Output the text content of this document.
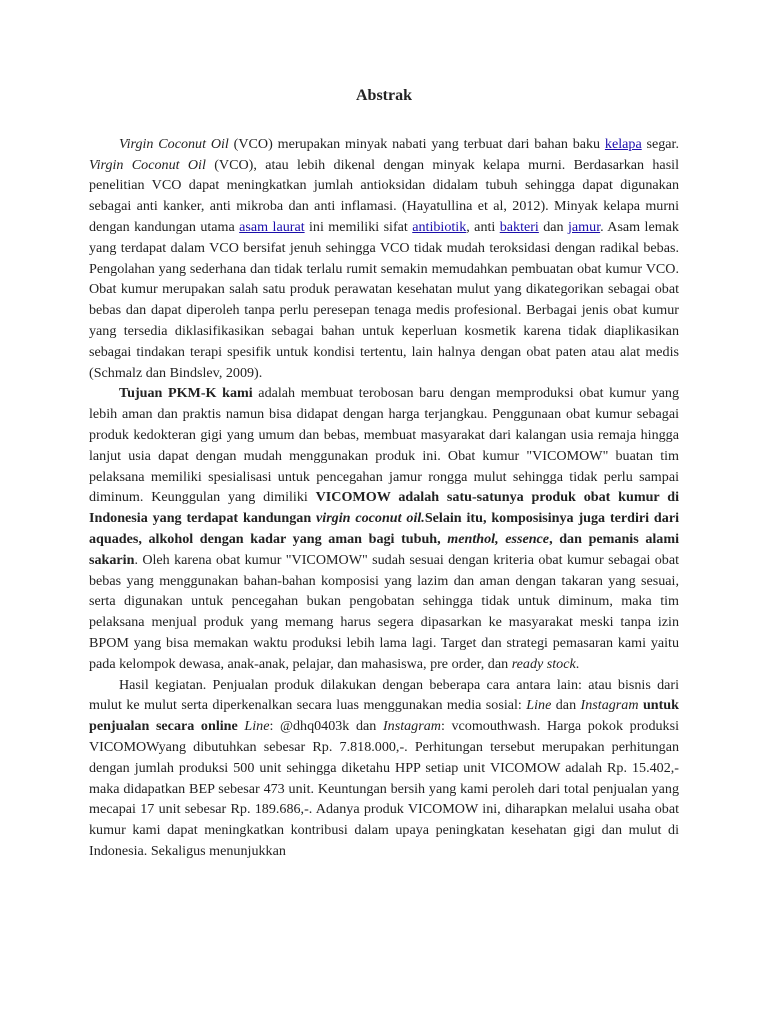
Abstrak

Virgin Coconut Oil (VCO) merupakan minyak nabati yang terbuat dari bahan baku kelapa segar. Virgin Coconut Oil (VCO), atau lebih dikenal dengan minyak kelapa murni. Berdasarkan hasil penelitian VCO dapat meningkatkan jumlah antioksidan didalam tubuh sehingga dapat digunakan sebagai anti kanker, anti mikroba dan anti inflamasi. (Hayatullina et al, 2012). Minyak kelapa murni dengan kandungan utama asam laurat ini memiliki sifat antibiotik, anti bakteri dan jamur. Asam lemak yang terdapat dalam VCO bersifat jenuh sehingga VCO tidak mudah teroksidasi dengan radikal bebas. Pengolahan yang sederhana dan tidak terlalu rumit semakin memudahkan pembuatan obat kumur VCO. Obat kumur merupakan salah satu produk perawatan kesehatan mulut yang dikategorikan sebagai obat bebas dan dapat diperoleh tanpa perlu peresepan tenaga medis profesional. Berbagai jenis obat kumur yang tersedia diklasifikasikan sebagai bahan untuk keperluan kosmetik karena tidak diaplikasikan sebagai tindakan terapi spesifik untuk kondisi tertentu, lain halnya dengan obat paten atau alat medis (Schmalz dan Bindslev, 2009).

Tujuan PKM-K kami adalah membuat terobosan baru dengan memproduksi obat kumur yang lebih aman dan praktis namun bisa didapat dengan harga terjangkau. Penggunaan obat kumur sebagai produk kedokteran gigi yang umum dan bebas, membuat masyarakat dari kalangan usia remaja hingga lanjut usia dapat dengan mudah menggunakan produk ini. Obat kumur "VICOMOW" buatan tim pelaksana memiliki spesialisasi untuk pencegahan jamur rongga mulut sehingga tidak perlu sampai diminum. Keunggulan yang dimiliki VICOMOW adalah satu-satunya produk obat kumur di Indonesia yang terdapat kandungan virgin coconut oil.Selain itu, komposisinya juga terdiri dari aquades, alkohol dengan kadar yang aman bagi tubuh, menthol, essence, dan pemanis alami sakarin. Oleh karena obat kumur "VICOMOW" sudah sesuai dengan kriteria obat kumur sebagai obat bebas yang menggunakan bahan-bahan komposisi yang lazim dan aman dengan takaran yang sesuai, serta digunakan untuk pencegahan bukan pengobatan sehingga tidak untuk diminum, maka tim pelaksana menjual produk yang memang harus segera dipasarkan ke masyarakat meski tanpa izin BPOM yang bisa memakan waktu produksi lebih lama lagi. Target dan strategi pemasaran kami yaitu pada kelompok dewasa, anak-anak, pelajar, dan mahasiswa, pre order, dan ready stock.

Hasil kegiatan. Penjualan produk dilakukan dengan beberapa cara antara lain: atau bisnis dari mulut ke mulut serta diperkenalkan secara luas menggunakan media sosial: Line dan Instagram untuk penjualan secara online Line: @dhq0403k dan Instagram: vcomouthwash. Harga pokok produksi VICOMOWyang dibutuhkan sebesar Rp. 7.818.000,-. Perhitungan tersebut merupakan perhitungan dengan jumlah produksi 500 unit sehingga diketahu HPP setiap unit VICOMOW adalah Rp. 15.402,- maka didapatkan BEP sebesar 473 unit. Keuntungan bersih yang kami peroleh dari total penjualan yang mecapai 17 unit sebesar Rp. 189.686,-. Adanya produk VICOMOW ini, diharapkan melalui usaha obat kumur kami dapat meningkatkan kontribusi dalam upaya peningkatan kesehatan gigi dan mulut di Indonesia. Sekaligus menunjukkan
